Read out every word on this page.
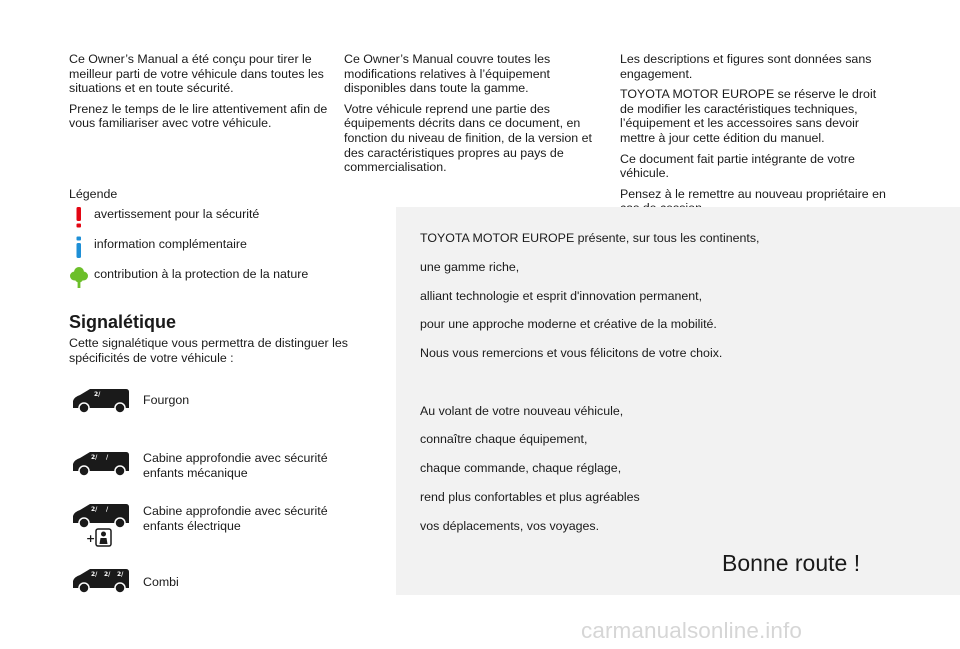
Ce Owner’s Manual a été conçu pour tirer le meilleur parti de votre véhicule dans toutes les situations et en toute sécurité.

Prenez le temps de le lire attentivement afin de vous familiariser avec votre véhicule.

Ce Owner’s Manual couvre toutes les modifications relatives à l’équipement disponibles dans toute la gamme.

Votre véhicule reprend une partie des équipements décrits dans ce document, en fonction du niveau de finition, de la version et des caractéristiques propres au pays de commercialisation.

Les descriptions et figures sont données sans engagement.

TOYOTA MOTOR EUROPE se réserve le droit de modifier les caractéristiques techniques, l’équipement et les accessoires sans devoir mettre à jour cette édition du manuel.

Ce document fait partie intégrante de votre véhicule.

Pensez à le remettre au nouveau propriétaire en

Légende
avertissement pour la sécurité
information complémentaire
contribution à la protection de la nature
Signalétique
Cette signalétique vous permettra de distinguer les spécificités de votre véhicule :
2/	Fourgon
2/ /	Cabine approfondie avec sécurité enfants mécanique
2/ /
+
Cabine approfondie avec sécurité enfants électrique
2/ 2/ 2/
Combi
TOYOTA MOTOR EUROPE présente, sur tous les continents,
une gamme riche,
alliant technologie et esprit d'innovation permanent,
pour une approche moderne et créative de la mobilité.
Nous vous remercions et vous félicitons de votre choix.
Au volant de votre nouveau véhicule,
connaître chaque équipement,
chaque commande, chaque réglage,
rend plus confortables et plus agréables
vos déplacements, vos voyages.
Bonne route !
carmanualsonline.info
